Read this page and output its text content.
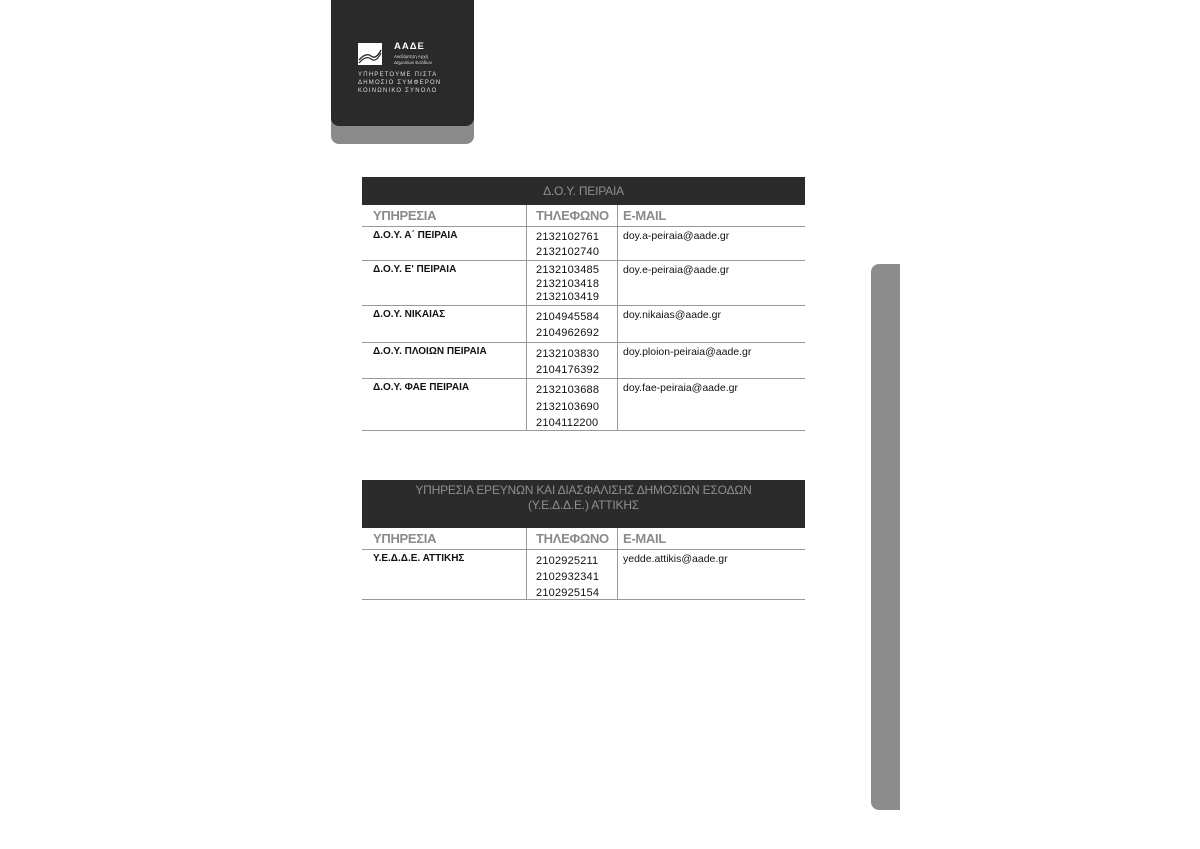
ΑΑΔΕ
Ανεξάρτητη Αρχή
Δημοσίων Εσόδων
ΥΠΗΡΕΤΟΥΜΕ ΠΙΣΤΑ
ΔΗΜΟΣΙΟ ΣΥΜΦΕΡΟΝ
ΚΟΙΝΩΝΙΚΟ ΣΥΝΟΛΟ
Δ.Ο.Υ. ΠΕΙΡΑΙΑ
ΥΠΗΡΕΣΙΑ	ΤΗΛΕΦΩΝΟ	E-MAIL
Δ.Ο.Υ. Α΄ ΠΕΙΡΑΙΑ	2132102761
2132102740
doy.a-peiraia@aade.gr
Δ.Ο.Υ. Ε' ΠΕΙΡΑΙΑ	2132103485
2132103418
2132103419
doy.e-peiraia@aade.gr
Δ.Ο.Υ. ΝΙΚΑΙΑΣ	2104945584
2104962692
doy.nikaias@aade.gr
Δ.Ο.Υ. ΠΛΟΙΩΝ ΠΕΙΡΑΙΑ	2132103830
2104176392
doy.ploion-peiraia@aade.gr
Δ.Ο.Υ. ΦΑΕ ΠΕΙΡΑΙΑ	2132103688
2132103690
2104112200
doy.fae-peiraia@aade.gr
ΥΠΗΡΕΣΙΑ ΕΡΕΥΝΩΝ ΚΑΙ ΔΙΑΣΦΑΛΙΣΗΣ ΔΗΜΟΣΙΩΝ ΕΣΟΔΩΝ
(Υ.Ε.Δ.Δ.Ε.) ΑΤΤΙΚΗΣ
ΥΠΗΡΕΣΙΑ	ΤΗΛΕΦΩΝΟ	E-MAIL
Υ.Ε.Δ.Δ.Ε. ΑΤΤΙΚΗΣ	2102925211
2102932341
2102925154
yedde.attikis@aade.gr
